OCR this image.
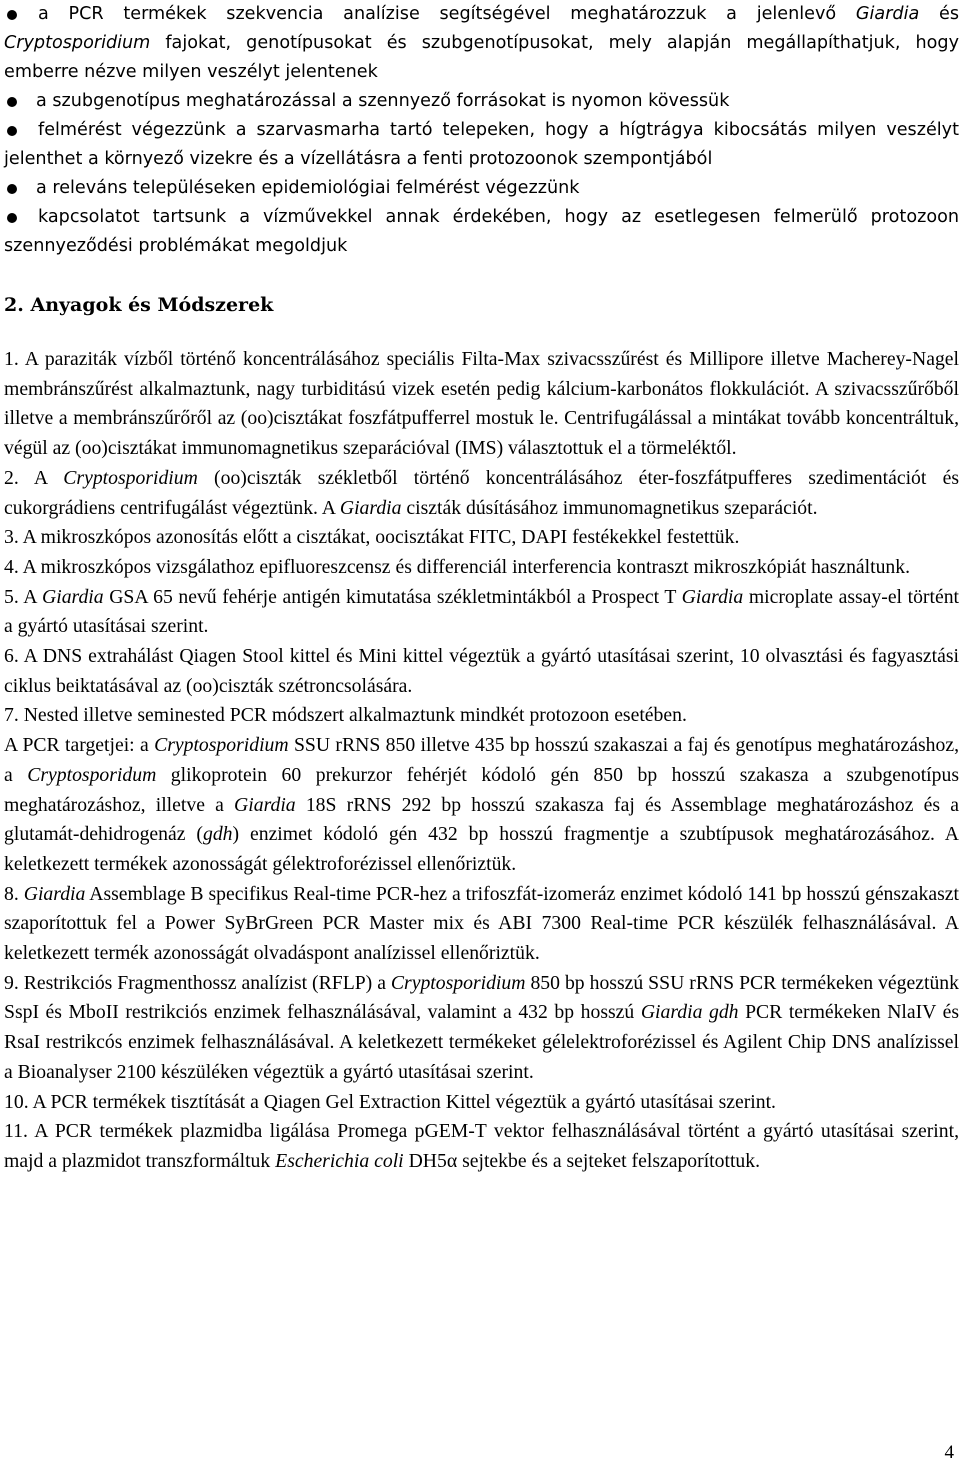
a PCR termékek szekvencia analízise segítségével meghatározzuk a jelenlevő Giardia és Cryptosporidium fajokat, genotípusokat és szubgenotípusokat, mely alapján megállapíthatjuk, hogy emberre nézve milyen veszélyt jelentenek

a szubgenotípus meghatározással a szennyező forrásokat is nyomon kövessük

felmérést végezzünk a szarvasmarha tartó telepeken, hogy a hígtrágya kibocsátás milyen veszélyt jelenthet a környező vizekre és a vízellátásra a fenti protozoonok szempontjából

a releváns településeken epidemiológiai felmérést végezzünk

kapcsolatot tartsunk a vízművekkel annak érdekében, hogy az esetlegesen felmerülő protozoon szennyeződési problémákat megoldjuk

2. Anyagok és Módszerek

1. A paraziták vízből történő koncentrálásához speciális Filta-Max szivacsszűrést és Millipore illetve Macherey-Nagel membránszűrést alkalmaztunk, nagy turbiditású vizek esetén pedig kálcium-karbonátos flokkulációt. A szivacsszűrőből illetve a membránszűrőről az (oo)cisztákat foszfátpufferrel mostuk le. Centrifugálással a mintákat tovább koncentráltuk, végül az (oo)cisztákat immunomagnetikus szeparációval (IMS) választottuk el a törmeléktől.

2. A Cryptosporidium (oo)ciszták székletből történő koncentrálásához éter-foszfátpufferes szedimentációt és cukorgrádiens centrifugálást végeztünk. A Giardia ciszták dúsításához immunomagnetikus szeparációt.

3. A mikroszkópos azonosítás előtt a cisztákat, oocisztákat FITC, DAPI festékekkel festettük.

4. A mikroszkópos vizsgálathoz epifluoreszcensz és differenciál interferencia kontraszt mikroszkópiát használtunk.

5. A Giardia GSA 65 nevű fehérje antigén kimutatása székletmintákból a Prospect T Giardia microplate assay-el történt a gyártó utasításai szerint.

6. A DNS extrahálást Qiagen Stool kittel és Mini kittel végeztük a gyártó utasításai szerint, 10 olvasztási és fagyasztási ciklus beiktatásával az (oo)ciszták szétroncsolására.

7. Nested illetve seminested PCR módszert alkalmaztunk mindkét protozoon esetében.

A PCR targetjei: a Cryptosporidium SSU rRNS 850 illetve 435 bp hosszú szakaszai a faj és genotípus meghatározáshoz, a Cryptosporidum glikoprotein 60 prekurzor fehérjét kódoló gén 850 bp hosszú szakasza a szubgenotípus meghatározáshoz, illetve a Giardia 18S rRNS 292 bp hosszú szakasza faj és Assemblage meghatározáshoz és a glutamát-dehidrogenáz (gdh) enzimet kódoló gén 432 bp hosszú fragmentje a szubtípusok meghatározásához. A keletkezett termékek azonosságát gélektroforézissel ellenőriztük.

8. Giardia Assemblage B specifikus Real-time PCR-hez a trifoszfát-izomeráz enzimet kódoló 141 bp hosszú génszakaszt szaporítottuk fel a Power SyBrGreen PCR Master mix és ABI 7300 Real-time PCR készülék felhasználásával. A keletkezett termék azonosságát olvadáspont analízissel ellenőriztük.

9. Restrikciós Fragmenthossz analízist (RFLP) a Cryptosporidium 850 bp hosszú SSU rRNS PCR termékeken végeztünk SspI és MboII restrikciós enzimek felhasználásával, valamint a 432 bp hosszú Giardia gdh PCR termékeken NlaIV és RsaI restrikcós enzimek felhasználásával. A keletkezett termékeket gélelektroforézissel és Agilent Chip DNS analízissel a Bioanalyser 2100 készüléken végeztük a gyártó utasításai szerint.

10. A PCR termékek tisztítását a Qiagen Gel Extraction Kittel végeztük a gyártó utasításai szerint.

11. A PCR termékek plazmidba ligálása Promega pGEM-T vektor felhasználásával történt a gyártó utasításai szerint, majd a plazmidot transzformáltuk Escherichia coli DH5α sejtekbe és a sejteket felszaporítottuk.

4
